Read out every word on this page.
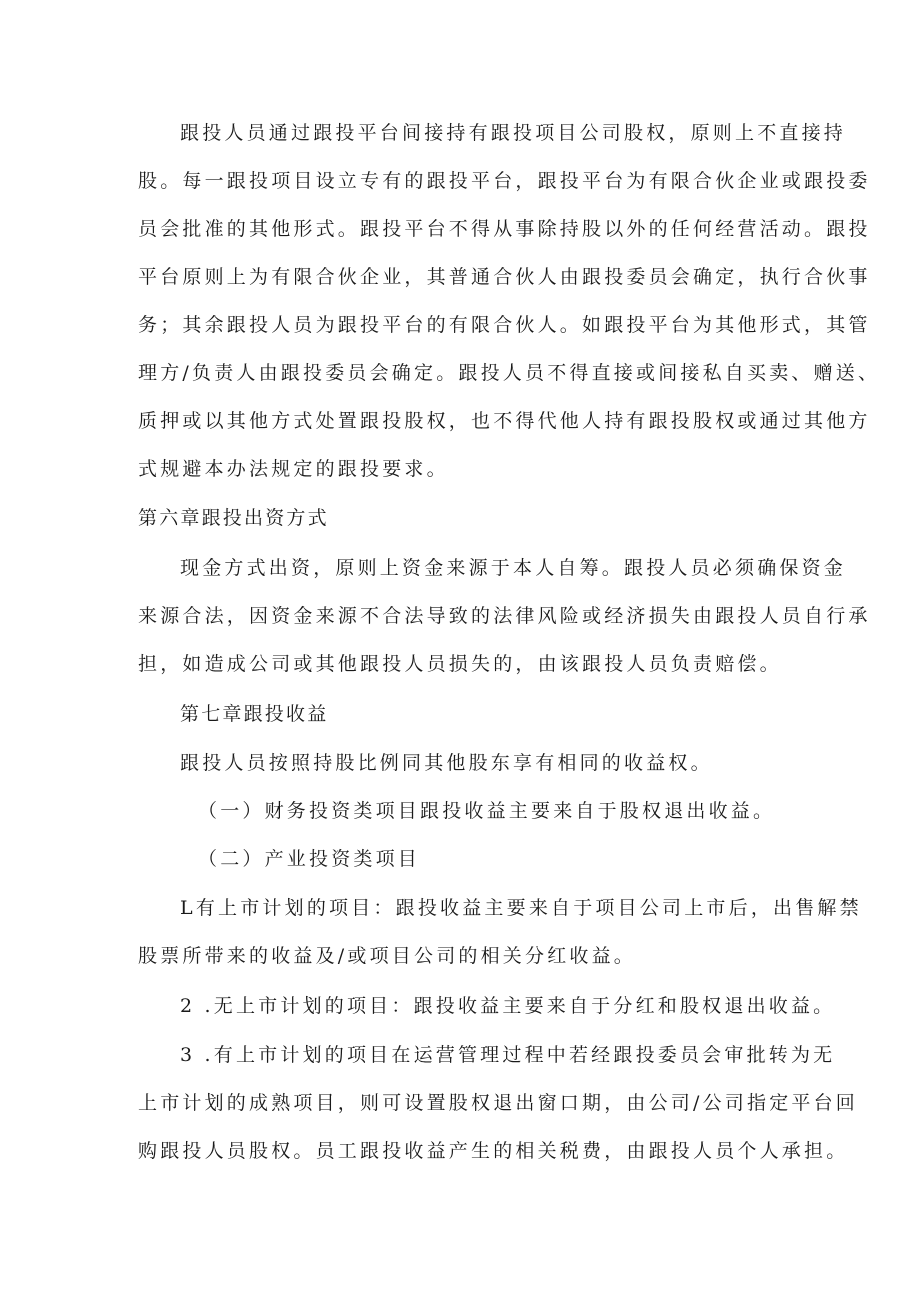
跟投人员通过跟投平台间接持有跟投项目公司股权，原则上不直接持
股。每一跟投项目设立专有的跟投平台，跟投平台为有限合伙企业或跟投委
员会批准的其他形式。跟投平台不得从事除持股以外的任何经营活动。跟投
平台原则上为有限合伙企业，其普通合伙人由跟投委员会确定，执行合伙事
务；其余跟投人员为跟投平台的有限合伙人。如跟投平台为其他形式，其管
理方/负责人由跟投委员会确定。跟投人员不得直接或间接私自买卖、赠送、
质押或以其他方式处置跟投股权，也不得代他人持有跟投股权或通过其他方
式规避本办法规定的跟投要求。
第六章跟投出资方式
现金方式出资，原则上资金来源于本人自筹。跟投人员必须确保资金
来源合法，因资金来源不合法导致的法律风险或经济损失由跟投人员自行承
担，如造成公司或其他跟投人员损失的，由该跟投人员负责赔偿。
第七章跟投收益
跟投人员按照持股比例同其他股东享有相同的收益权。
（一）财务投资类项目跟投收益主要来自于股权退出收益。
（二）产业投资类项目
L有上市计划的项目：跟投收益主要来自于项目公司上市后，出售解禁
股票所带来的收益及/或项目公司的相关分红收益。
2 .无上市计划的项目：跟投收益主要来自于分红和股权退出收益。
3 .有上市计划的项目在运营管理过程中若经跟投委员会审批转为无
上市计划的成熟项目，则可设置股权退出窗口期，由公司/公司指定平台回
购跟投人员股权。员工跟投收益产生的相关税费，由跟投人员个人承担。
